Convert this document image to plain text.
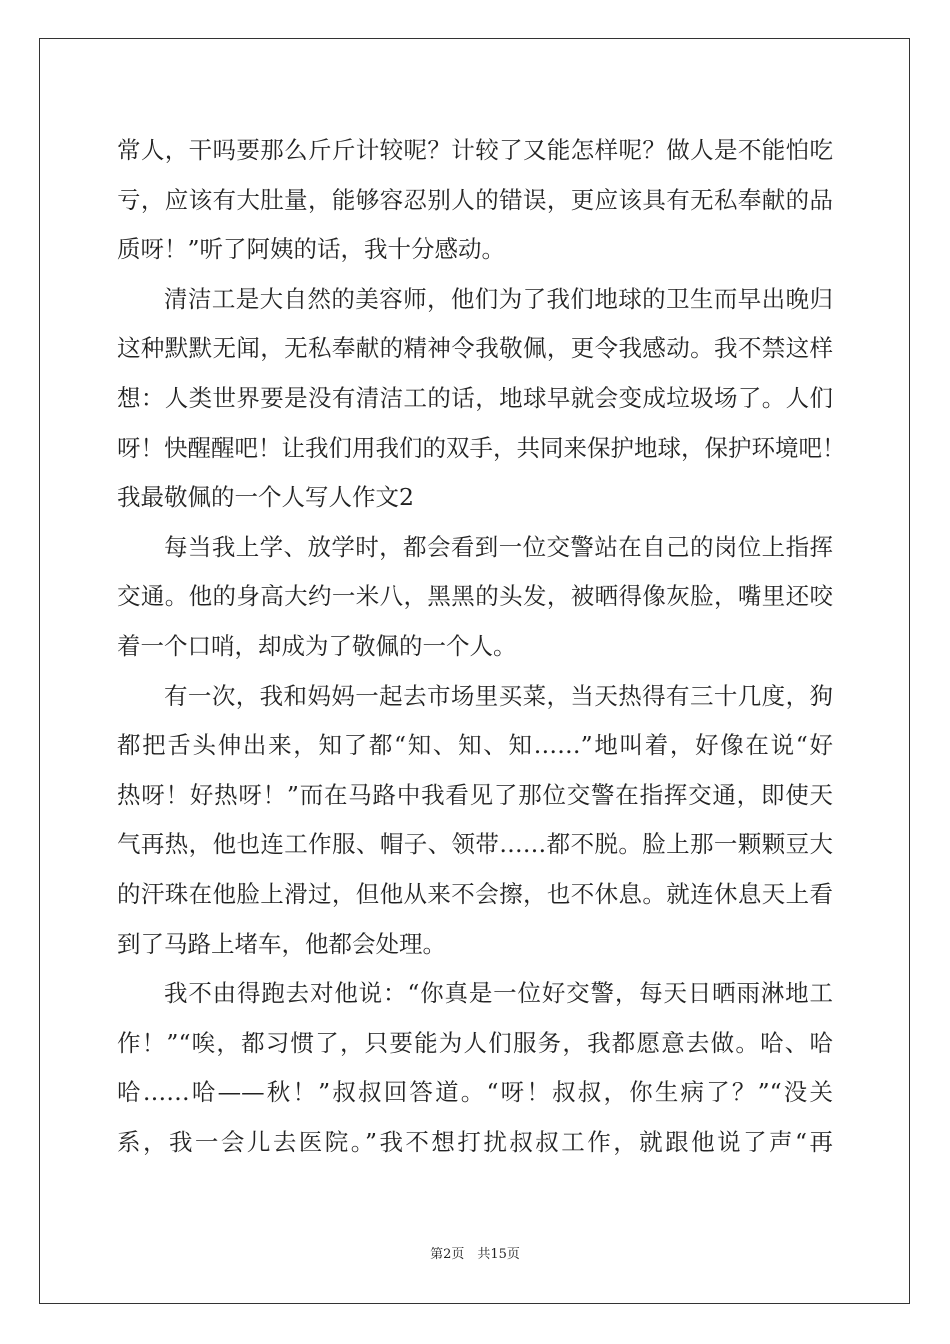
常人，干吗要那么斤斤计较呢？计较了又能怎样呢？做人是不能怕吃
亏，应该有大肚量，能够容忍别人的错误，更应该具有无私奉献的品
质呀！”听了阿姨的话，我十分感动。
清洁工是大自然的美容师，他们为了我们地球的卫生而早出晚归
这种默默无闻，无私奉献的精神令我敬佩，更令我感动。我不禁这样
想：人类世界要是没有清洁工的话，地球早就会变成垃圾场了。人们
呀！快醒醒吧！让我们用我们的双手，共同来保护地球，保护环境吧！
我最敬佩的一个人写人作文2
每当我上学、放学时，都会看到一位交警站在自己的岗位上指挥
交通。他的身高大约一米八，黑黑的头发，被晒得像灰脸，嘴里还咬
着一个口哨，却成为了敬佩的一个人。
有一次，我和妈妈一起去市场里买菜，当天热得有三十几度，狗
都把舌头伸出来，知了都“知、知、知……”地叫着，好像在说“好
热呀！好热呀！”而在马路中我看见了那位交警在指挥交通，即使天
气再热，他也连工作服、帽子、领带……都不脱。脸上那一颗颗豆大
的汗珠在他脸上滑过，但他从来不会擦，也不休息。就连休息天上看
到了马路上堵车，他都会处理。
我不由得跑去对他说：“你真是一位好交警，每天日晒雨淋地工
作！”“唉，都习惯了，只要能为人们服务，我都愿意去做。哈、哈
哈……哈——秋！”叔叔回答道。“呀！叔叔，你生病了？”“没关
系，我一会儿去医院。”我不想打扰叔叔工作，就跟他说了声“再
第2页　共15页
